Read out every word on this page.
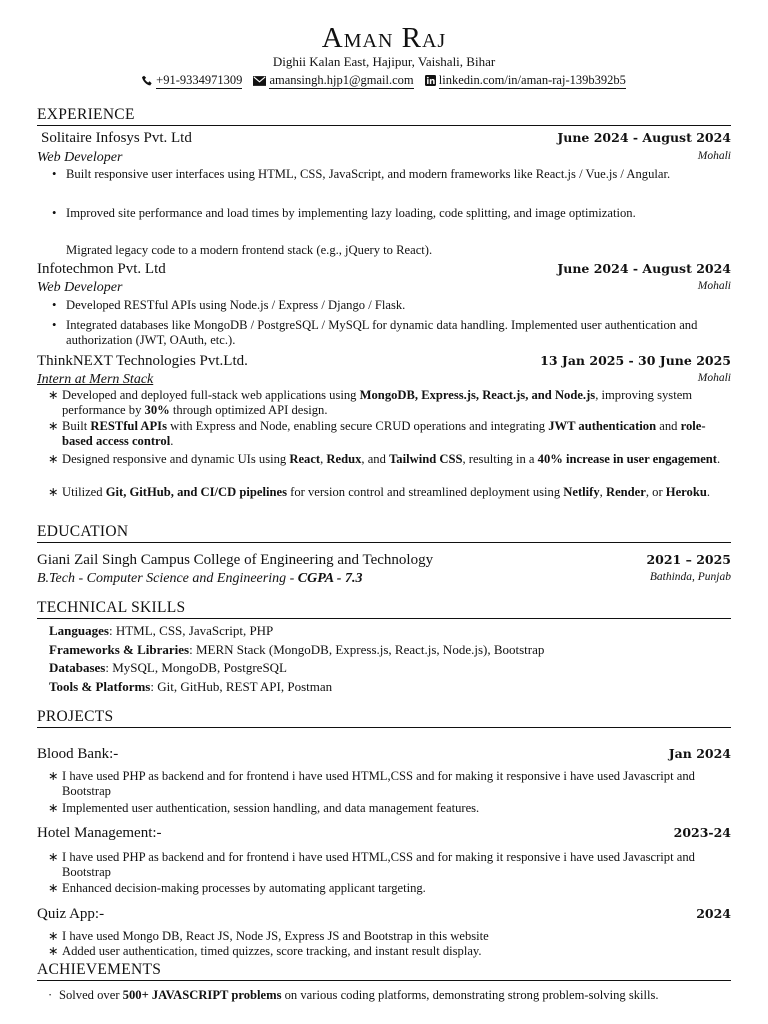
Aman Raj
Dighii Kalan East, Hajipur, Vaishali, Bihar
+91-9334971309 amansingh.hjp1@gmail.com linkedin.com/in/aman-raj-139b392b5
EXPERIENCE
Solitaire Infosys Pvt. Ltd	June 2024 - August 2024
Web Developer	Mohali
• Built responsive user interfaces using HTML, CSS, JavaScript, and modern frameworks like React.js / Vue.js / Angular.
• Improved site performance and load times by implementing lazy loading, code splitting, and image optimization.
Migrated legacy code to a modern frontend stack (e.g., jQuery to React).
Infotechmon Pvt. Ltd	June 2024 - August 2024
Web Developer	Mohali
• Developed RESTful APIs using Node.js / Express / Django / Flask.
• Integrated databases like MongoDB / PostgreSQL / MySQL for dynamic data handling. Implemented user authentication and authorization (JWT, OAuth, etc.).
ThinkNEXT Technologies Pvt.Ltd.	13 Jan 2025 - 30 June 2025
Intern at Mern Stack	Mohali
∗ Developed and deployed full-stack web applications using MongoDB, Express.js, React.js, and Node.js, improving system performance by 30% through optimized API design.
∗ Built RESTful APIs with Express and Node, enabling secure CRUD operations and integrating JWT authentication and role-based access control.
∗ Designed responsive and dynamic UIs using React, Redux, and Tailwind CSS, resulting in a 40% increase in user engagement.
∗ Utilized Git, GitHub, and CI/CD pipelines for version control and streamlined deployment using Netlify, Render, or Heroku.
EDUCATION
Giani Zail Singh Campus College of Engineering and Technology	2021 – 2025
B.Tech - Computer Science and Engineering - CGPA - 7.3	Bathinda, Punjab
TECHNICAL SKILLS
Languages: HTML, CSS, JavaScript, PHP
Frameworks & Libraries: MERN Stack (MongoDB, Express.js, React.js, Node.js), Bootstrap
Databases: MySQL, MongoDB, PostgreSQL
Tools & Platforms: Git, GitHub, REST API, Postman
PROJECTS
Blood Bank:-	Jan 2024
∗ I have used PHP as backend and for frontend i have used HTML,CSS and for making it responsive i have used Javascript and Bootstrap
∗ Implemented user authentication, session handling, and data management features.
Hotel Management:-	2023-24
∗ I have used PHP as backend and for frontend i have used HTML,CSS and for making it responsive i have used Javascript and Bootstrap
∗ Enhanced decision-making processes by automating applicant targeting.
Quiz App:-	2024
∗ I have used Mongo DB, React JS, Node JS, Express JS and Bootstrap in this website
∗ Added user authentication, timed quizzes, score tracking, and instant result display.
ACHIEVEMENTS
· Solved over 500+ JAVASCRIPT problems on various coding platforms, demonstrating strong problem-solving skills.
